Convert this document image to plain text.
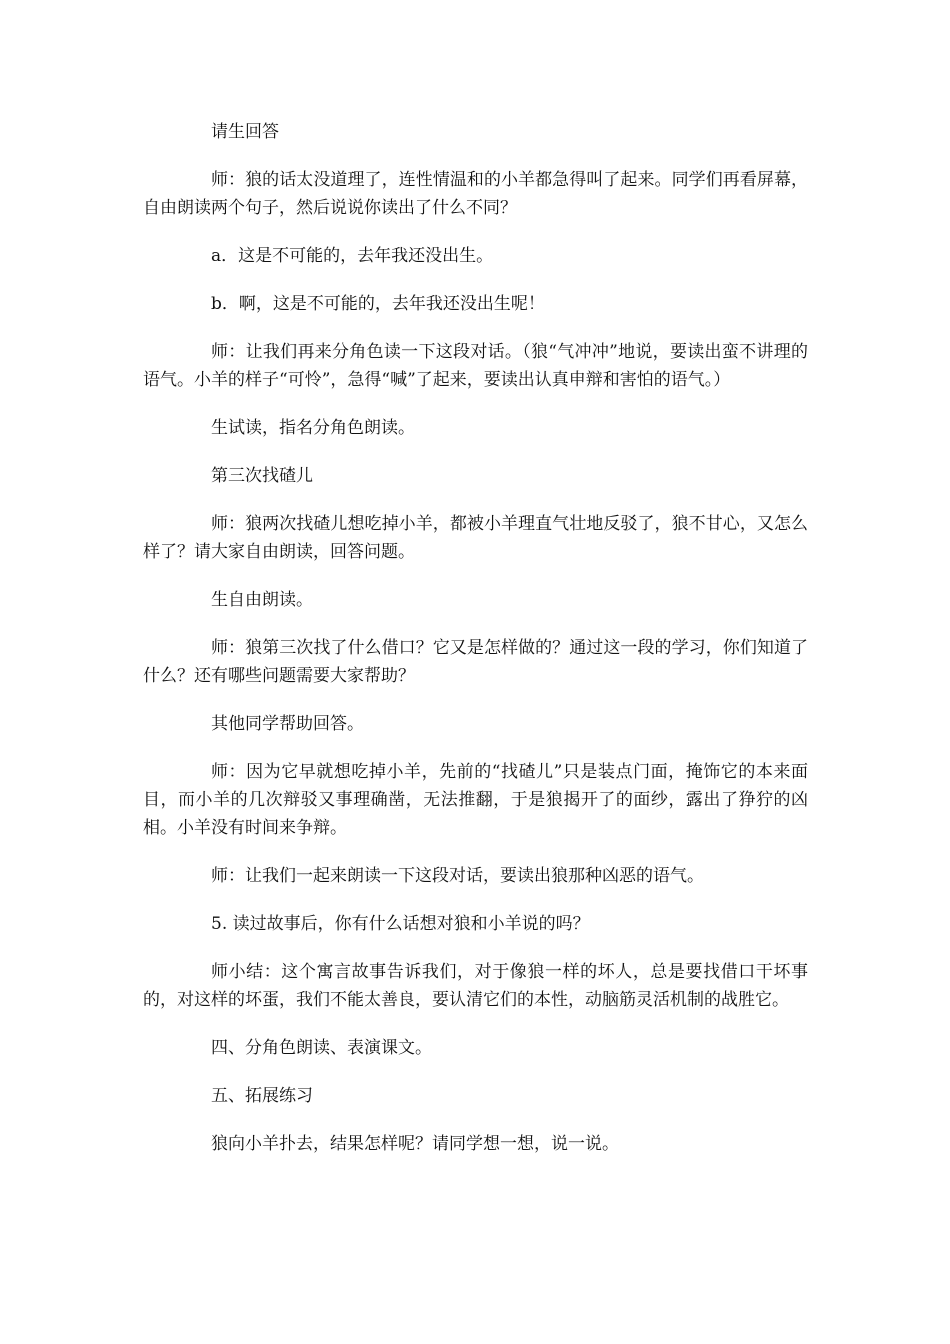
请生回答

师：狼的话太没道理了，连性情温和的小羊都急得叫了起来。同学们再看屏幕，自由朗读两个句子，然后说说你读出了什么不同？

a．这是不可能的，去年我还没出生。

b．啊，这是不可能的，去年我还没出生呢！

师：让我们再来分角色读一下这段对话。（狼“气冲冲”地说，要读出蛮不讲理的语气。小羊的样子“可怜”，急得“喊”了起来，要读出认真申辩和害怕的语气。）

生试读，指名分角色朗读。

第三次找碴儿

师：狼两次找碴儿想吃掉小羊，都被小羊理直气壮地反驳了，狼不甘心，又怎么样了？请大家自由朗读，回答问题。

生自由朗读。

师：狼第三次找了什么借口？它又是怎样做的？通过这一段的学习，你们知道了什么？还有哪些问题需要大家帮助？

其他同学帮助回答。

师：因为它早就想吃掉小羊，先前的“找碴儿”只是装点门面，掩饰它的本来面目，而小羊的几次辩驳又事理确凿，无法推翻，于是狼揭开了的面纱，露出了狰狞的凶相。小羊没有时间来争辩。

师：让我们一起来朗读一下这段对话，要读出狼那种凶恶的语气。

5. 读过故事后，你有什么话想对狼和小羊说的吗？

师小结：这个寓言故事告诉我们，对于像狼一样的坏人，总是要找借口干坏事的，对这样的坏蛋，我们不能太善良，要认清它们的本性，动脑筋灵活机制的战胜它。

四、分角色朗读、表演课文。

五、拓展练习

狼向小羊扑去，结果怎样呢？请同学想一想，说一说。
